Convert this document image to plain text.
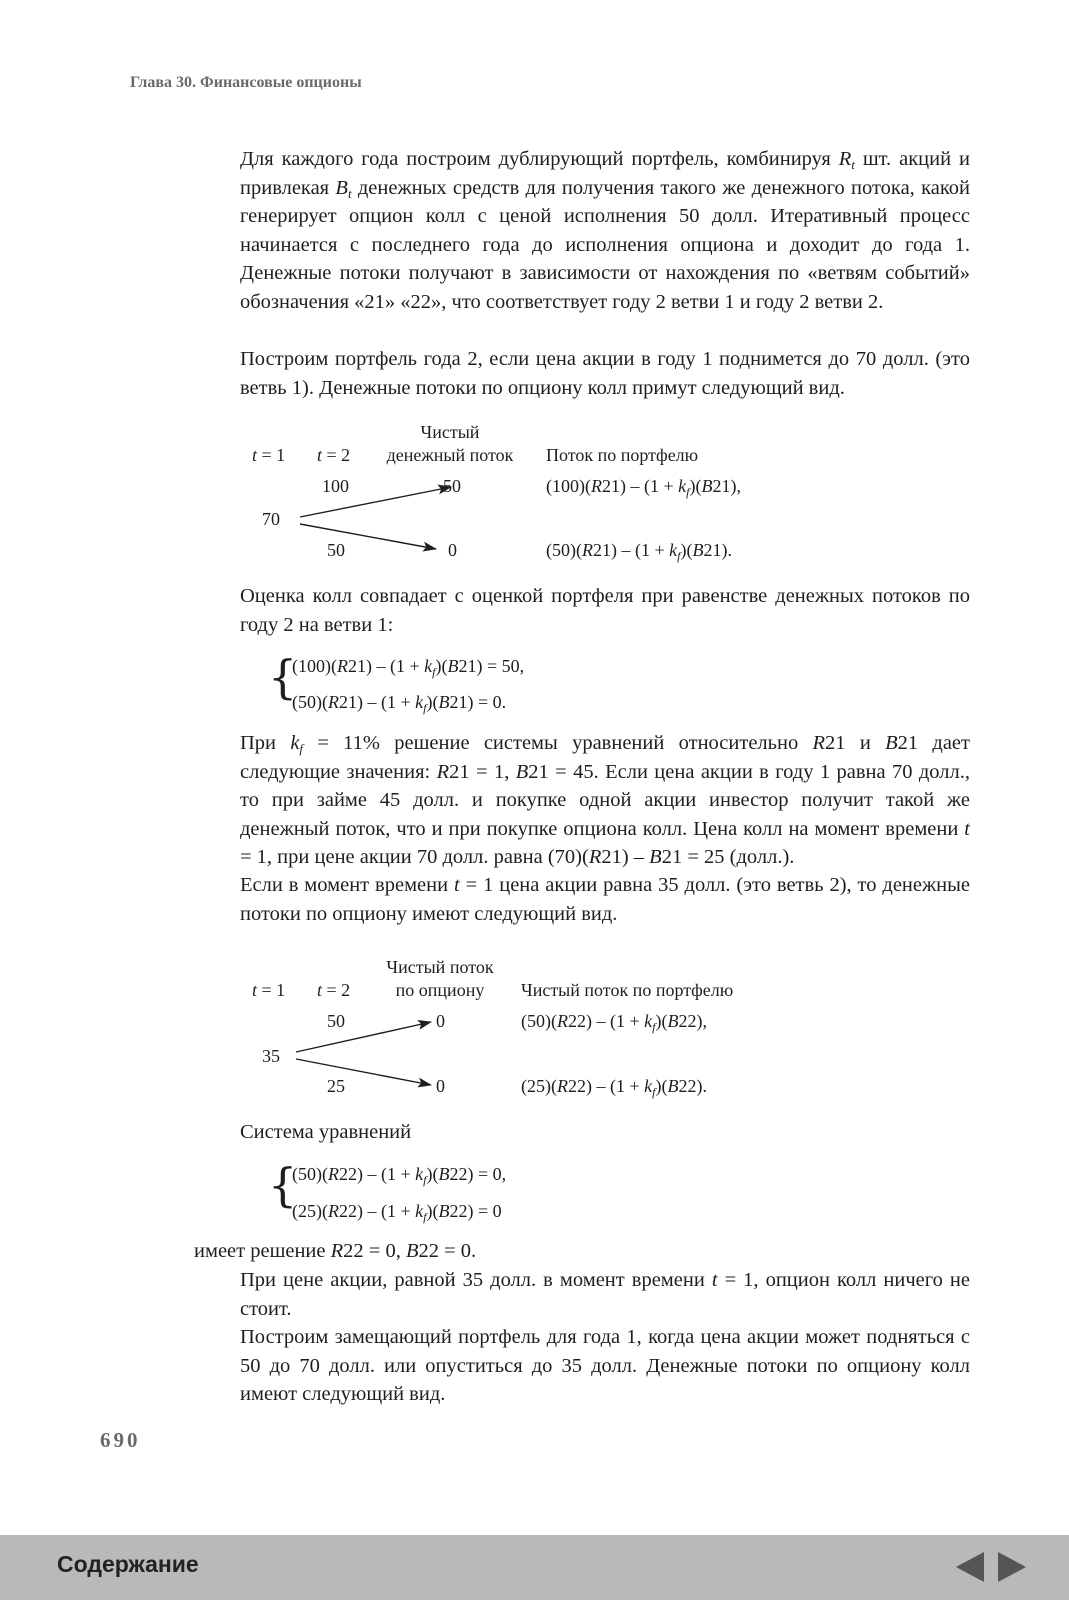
Глава 30. Финансовые опционы

Для каждого года построим дублирующий портфель, комбинируя $R_t$ шт. акций и привлекая $B_t$ денежных средств для получения такого же денежного потока, какой генерирует опцион колл с ценой исполнения 50 долл. Итеративный процесс начинается с последнего года до исполнения опциона и доходит до года 1. Денежные потоки получают в зависимости от нахождения по «ветвям событий» обозначения «21» «22», что соответствует году 2 ветви 1 и году 2 ветви 2.

Построим портфель года 2, если цена акции в году 1 поднимется до 70 долл. (это ветвь 1). Денежные потоки по опциону колл примут следующий вид.

Чистый
t = 1 t = 2	денежный поток	Поток по портфелю
100	50	$(100)(R21) - (1 + k_f)(B21)$,
70
50	0	$(50)(R21) - (1 + k_f)(B21)$.

Оценка колл совпадает с оценкой портфеля при равенстве денежных потоков по году 2 на ветви 1:

{
$(100)(R21) - (1 + k_f)(B21) = 50$,
$(50)(R21) - (1 + k_f)(B21) = 0$.

При $k_f = 11\%$ решение системы уравнений относительно R21 и B21 дает следующие значения: R21 = 1, B21 = 45. Если цена акции в году 1 равна 70 долл., то при займе 45 долл. и покупке одной акции инвестор получит такой же денежный поток, что и при покупке опциона колл. Цена колл на момент времени t = 1, при цене акции 70 долл. равна (70)(R21) – B21 = 25 (долл.).

Если в момент времени t = 1 цена акции равна 35 долл. (это ветвь 2), то денежные потоки по опциону имеют следующий вид.

Чистый поток
t = 1 t = 2	по опциону	Чистый поток по портфелю
50	0	$(50)(R22) - (1 + k_f)(B22)$,
35
25	0	$(25)(R22) - (1 + k_f)(B22)$.

Система уравнений

{
$(50)(R22) - (1 + k_f)(B22) = 0$,
$(25)(R22) - (1 + k_f)(B22) = 0$

имеет решение R22 = 0, B22 = 0.

При цене акции, равной 35 долл. в момент времени t = 1, опцион колл ничего не стоит.

Построим замещающий портфель для года 1, когда цена акции может подняться с 50 до 70 долл. или опуститься до 35 долл. Денежные потоки по опциону колл имеют следующий вид.

690
Содержание
